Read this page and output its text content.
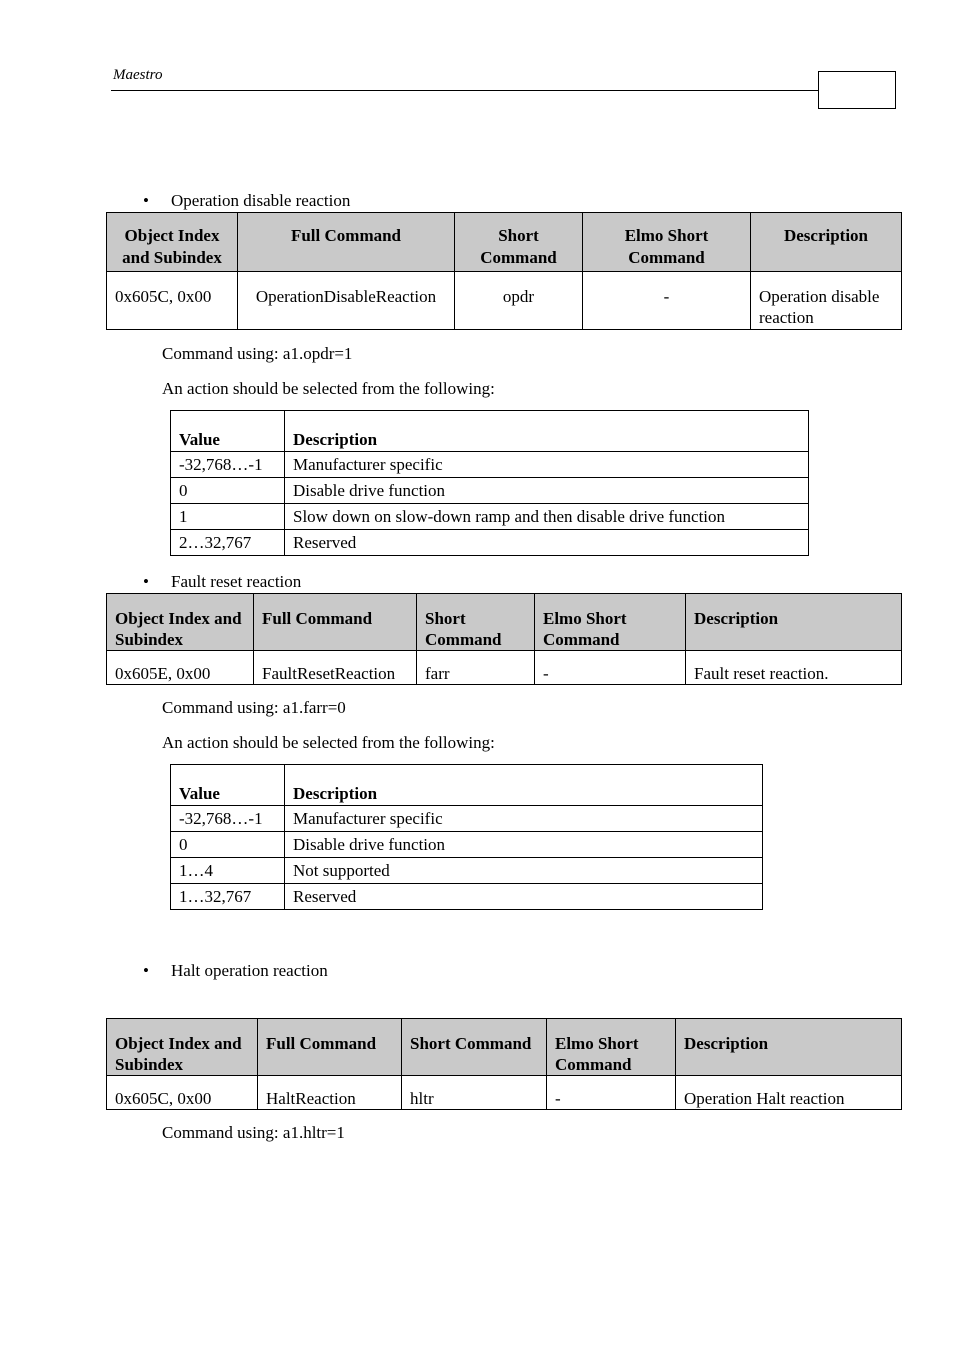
Maestro
• Operation disable reaction
Object Index and Subindex	Full Command	Short Command	Elmo Short Command	Description
0x605C, 0x00	OperationDisableReaction	opdr	-	Operation disable reaction
Command using: a1.opdr=1
An action should be selected from the following:
Value	Description
-32,768…-1	Manufacturer specific
0	Disable drive function
1	Slow down on slow-down ramp and then disable drive function
2…32,767	Reserved
• Fault reset reaction
Object Index and Subindex	Full Command	Short Command	Elmo Short Command	Description
0x605E, 0x00	FaultResetReaction	farr	-	Fault reset reaction.
Command using: a1.farr=0
An action should be selected from the following:
Value	Description
-32,768…-1	Manufacturer specific
0	Disable drive function
1…4	Not supported
1…32,767	Reserved
• Halt operation reaction
Object Index and Subindex	Full Command	Short Command	Elmo Short Command	Description
0x605C, 0x00	HaltReaction	hltr	-	Operation Halt reaction
Command using: a1.hltr=1
